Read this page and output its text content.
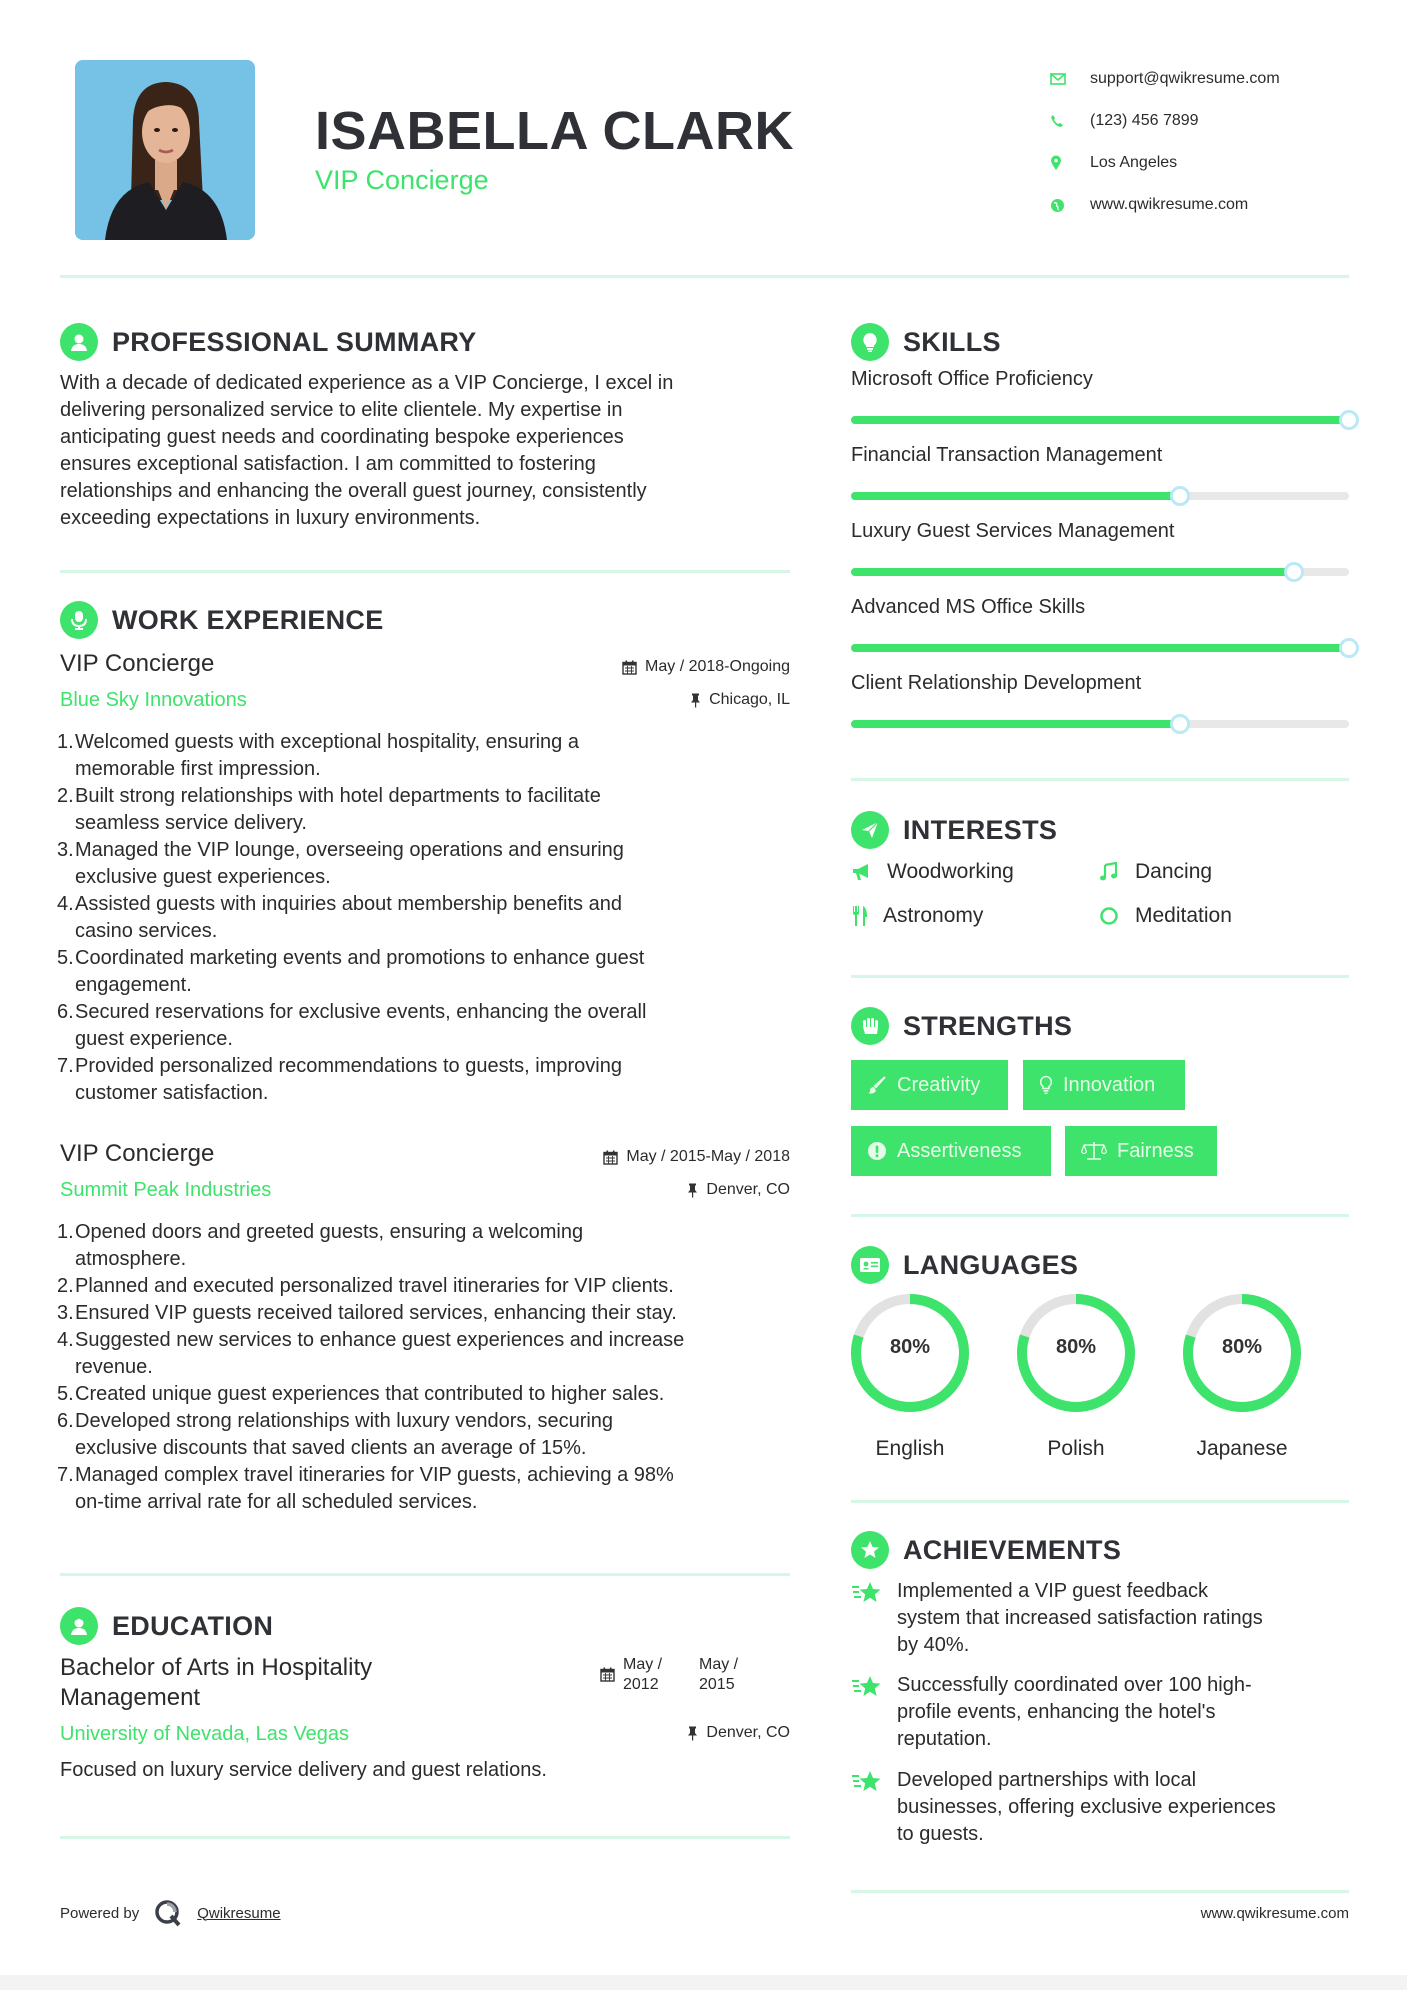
ISABELLA CLARK
VIP Concierge
support@qwikresume.com
(123) 456 7899
Los Angeles
www.qwikresume.com
PROFESSIONAL SUMMARY
With a decade of dedicated experience as a VIP Concierge, I excel in
delivering personalized service to elite clientele. My expertise in
anticipating guest needs and coordinating bespoke experiences
ensures exceptional satisfaction. I am committed to fostering
relationships and enhancing the overall guest journey, consistently
exceeding expectations in luxury environments.
WORK EXPERIENCE
VIP Concierge
Blue Sky Innovations
May / 2018-Ongoing
Chicago, IL
1. Welcomed guests with exceptional hospitality, ensuring a
memorable first impression.
2. Built strong relationships with hotel departments to facilitate
seamless service delivery.
3. Managed the VIP lounge, overseeing operations and ensuring
exclusive guest experiences.
4. Assisted guests with inquiries about membership benefits and
casino services.
5. Coordinated marketing events and promotions to enhance guest
engagement.
6. Secured reservations for exclusive events, enhancing the overall
guest experience.
7. Provided personalized recommendations to guests, improving
customer satisfaction.
VIP Concierge
Summit Peak Industries
May / 2015-May / 2018
Denver, CO
1. Opened doors and greeted guests, ensuring a welcoming
atmosphere.
2. Planned and executed personalized travel itineraries for VIP clients.
3. Ensured VIP guests received tailored services, enhancing their stay.
4. Suggested new services to enhance guest experiences and increase
revenue.
5. Created unique guest experiences that contributed to higher sales.
6. Developed strong relationships with luxury vendors, securing
exclusive discounts that saved clients an average of 15%.
7. Managed complex travel itineraries for VIP guests, achieving a 98%
on-time arrival rate for all scheduled services.
EDUCATION
Bachelor of Arts in Hospitality
Management
University of Nevada, Las Vegas
May /
2012
May /
2015
Denver, CO
Focused on luxury service delivery and guest relations.
SKILLS
Microsoft Office Proficiency
Financial Transaction Management
Luxury Guest Services Management
Advanced MS Office Skills
Client Relationship Development
INTERESTS
Woodworking	Dancing
Astronomy	Meditation
STRENGTHS
Creativity	Innovation
Assertiveness	Fairness
LANGUAGES
80%
English
80%
Polish
80%
Japanese
ACHIEVEMENTS
Implemented a VIP guest feedback
system that increased satisfaction ratings
by 40%.
Successfully coordinated over 100 high-
profile events, enhancing the hotel's
reputation.
Developed partnerships with local
businesses, offering exclusive experiences
to guests.
Powered by	Qwikresume	www.qwikresume.com
